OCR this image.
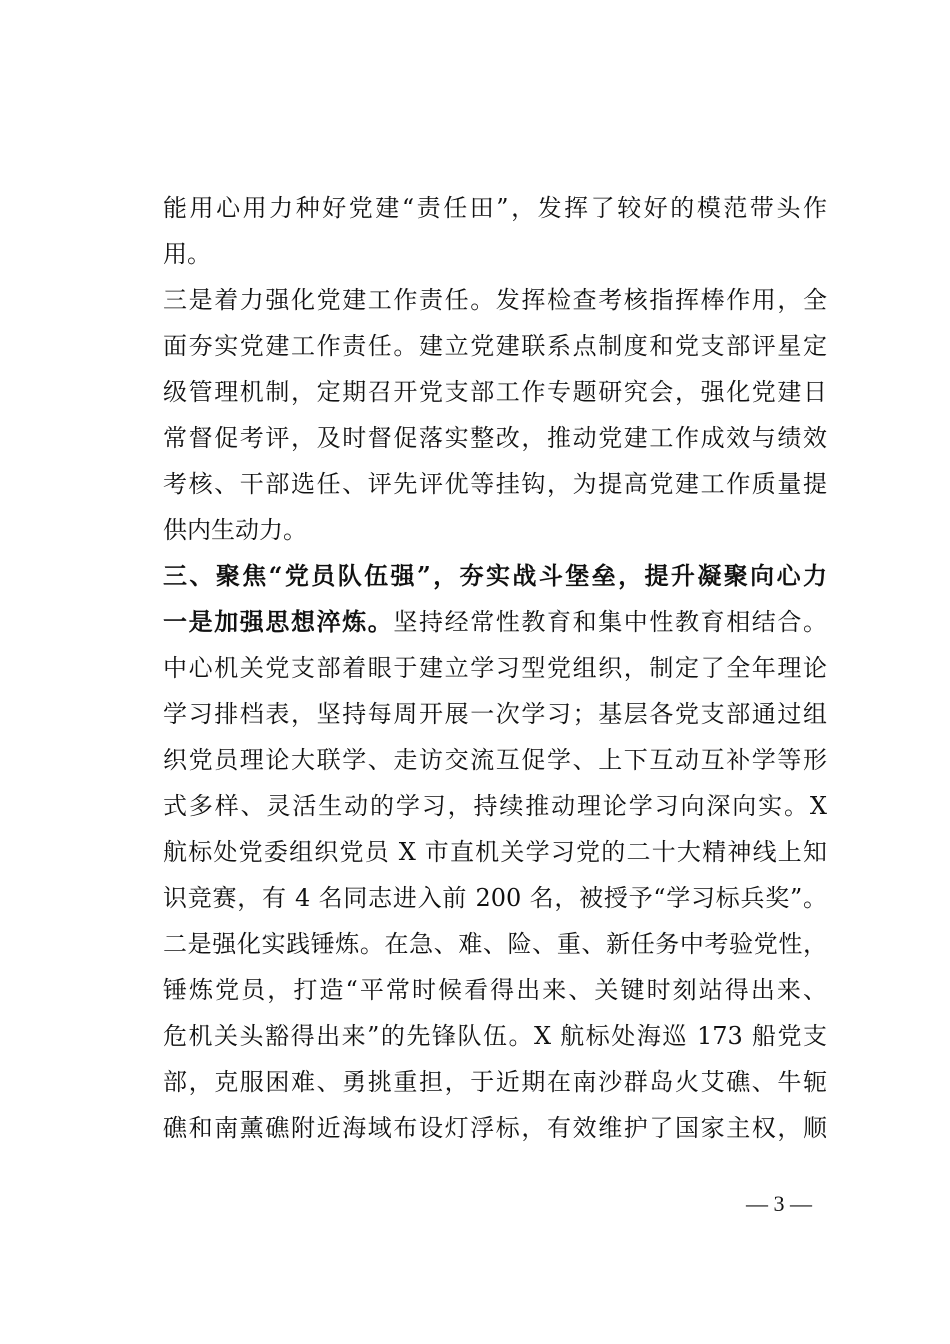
能用心用力种好党建“责任田”，发挥了较好的模范带头作
用。
三是着力强化党建工作责任。发挥检查考核指挥棒作用，全
面夯实党建工作责任。建立党建联系点制度和党支部评星定
级管理机制，定期召开党支部工作专题研究会，强化党建日
常督促考评，及时督促落实整改，推动党建工作成效与绩效
考核、干部选任、评先评优等挂钩，为提高党建工作质量提
供内生动力。
三、聚焦“党员队伍强”，夯实战斗堡垒，提升凝聚向心力
一是加强思想淬炼。坚持经常性教育和集中性教育相结合。
中心机关党支部着眼于建立学习型党组织，制定了全年理论
学习排档表，坚持每周开展一次学习；基层各党支部通过组
织党员理论大联学、走访交流互促学、上下互动互补学等形
式多样、灵活生动的学习，持续推动理论学习向深向实。X
航标处党委组织党员 X 市直机关学习党的二十大精神线上知
识竞赛，有 4 名同志进入前 200 名，被授予“学习标兵奖”。
二是强化实践锤炼。在急、难、险、重、新任务中考验党性，
锤炼党员，打造“平常时候看得出来、关键时刻站得出来、
危机关头豁得出来”的先锋队伍。X 航标处海巡 173 船党支
部，克服困难、勇挑重担，于近期在南沙群岛火艾礁、牛轭
礁和南薰礁附近海域布设灯浮标，有效维护了国家主权，顺
— 3 —
